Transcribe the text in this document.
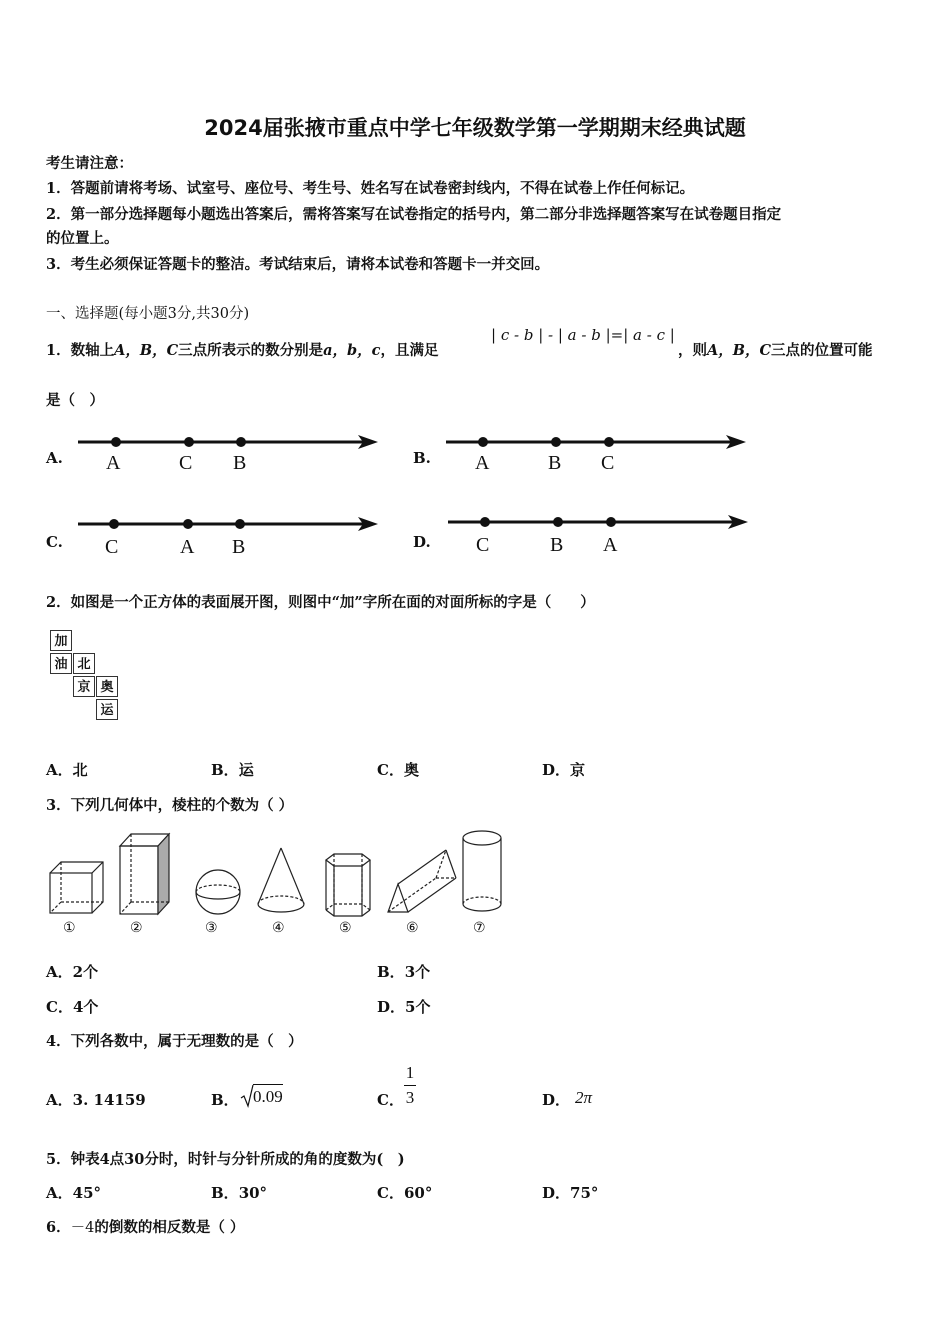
2024届张掖市重点中学七年级数学第一学期期末经典试题
考生请注意：
1．答题前请将考场、试室号、座位号、考生号、姓名写在试卷密封线内，不得在试卷上作任何标记。
2．第一部分选择题每小题选出答案后，需将答案写在试卷指定的括号内，第二部分非选择题答案写在试卷题目指定
的位置上。
3．考生必须保证答题卡的整洁。考试结束后，请将本试卷和答题卡一并交回。
一、选择题(每小题3分,共30分)
1．数轴上A，B，C三点所表示的数分别是a，b，c，且满足
| c - b | - | a - b |=| a - c |
，则A，B，C三点的位置可能
是（　）
A. A	C B	B. A	B C
C. C	A B	D. C	B A
2．如图是一个正方体的表面展开图，则图中“加”字所在面的对面所标的字是（　　）
加
油 北
京 奥
运
A．北	B．运	C．奥	D．京
3．下列几何体中，棱柱的个数为（ ）
①	②	③	④	⑤	⑥	⑦
A．2个	B．3个
C．4个	D．5个
4．下列各数中，属于无理数的是（　）
A．3. 14159	B． 0.09	C．
1
3	D． 2π
5．钟表4点30分时，时针与分针所成的角的度数为(　)
A．45°	B．30°	C．60°	D．75°
6．－4的倒数的相反数是（ ）
